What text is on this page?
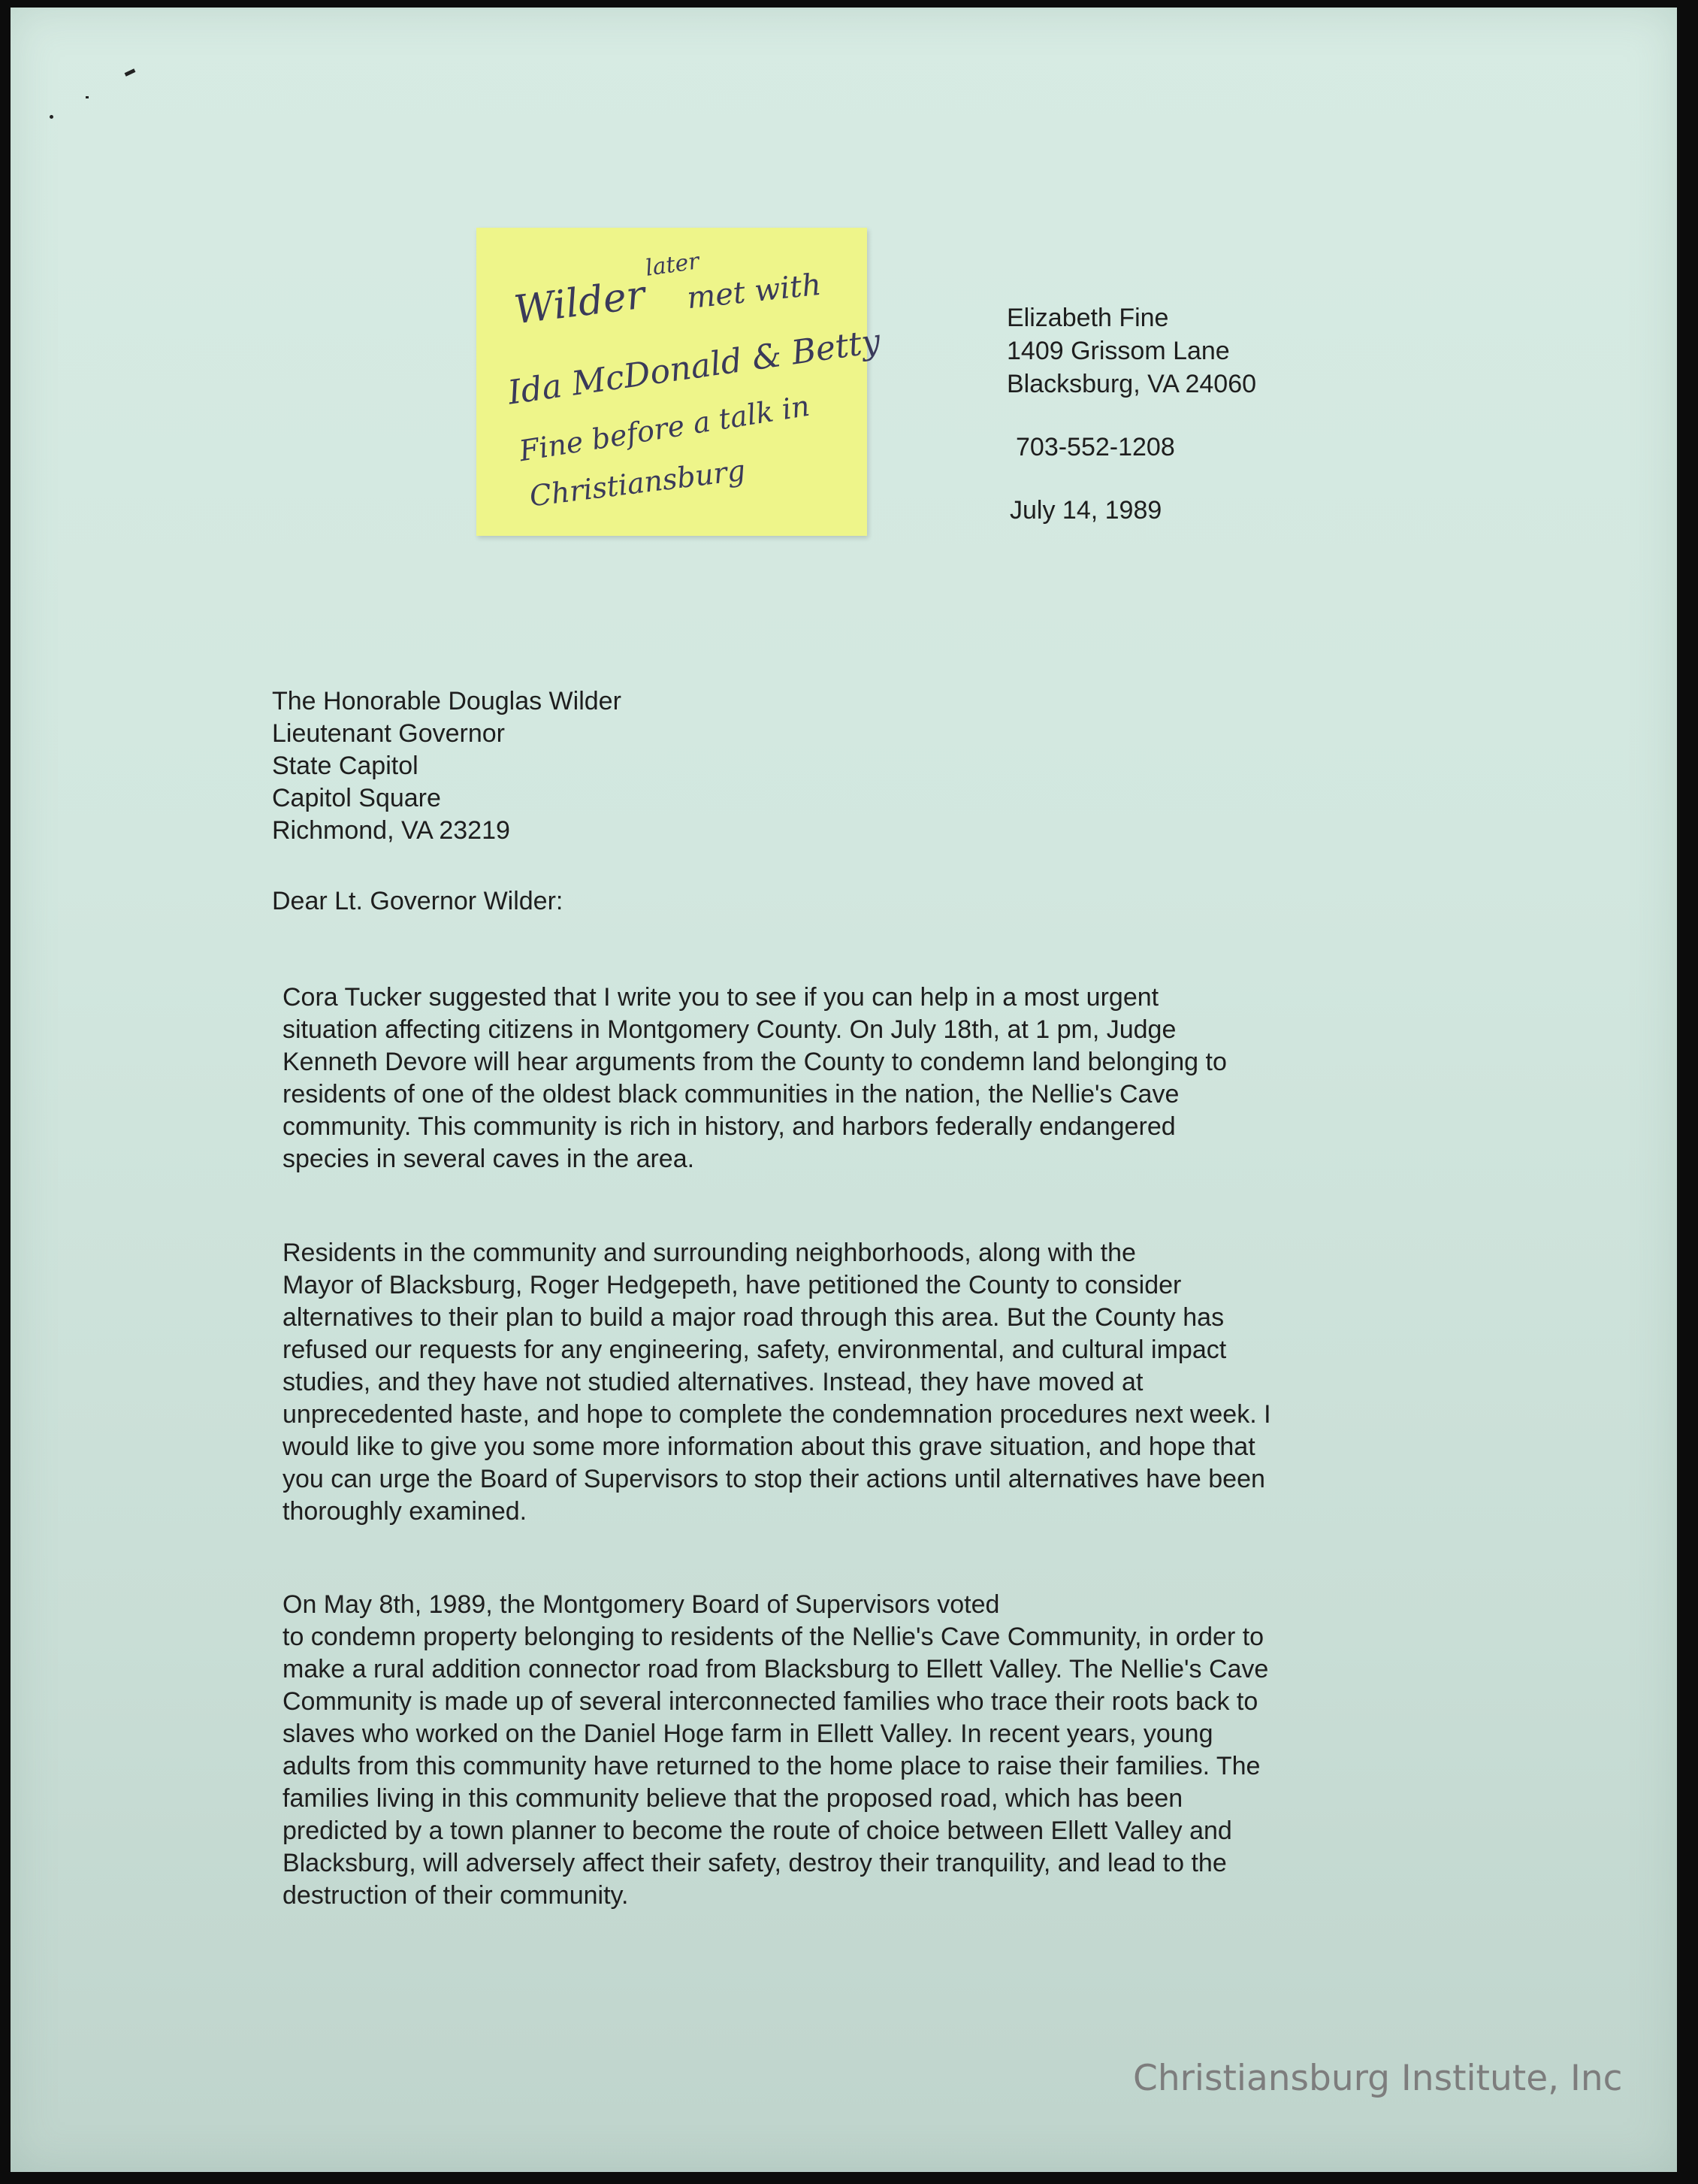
Wilder
later
met with
Ida McDonald & Betty
Fine before a talk in
Christiansburg
Elizabeth Fine
1409 Grissom Lane
Blacksburg, VA 24060
703-552-1208
July 14, 1989
The Honorable Douglas Wilder
Lieutenant Governor
State Capitol
Capitol Square
Richmond, VA 23219
Dear Lt. Governor Wilder:
Cora Tucker suggested that I write you to see if you can help in a most urgent
situation affecting citizens in Montgomery County. On July 18th, at 1 pm, Judge
Kenneth Devore will hear arguments from the County to condemn land belonging to
residents of one of the oldest black communities in the nation, the Nellie's Cave
community. This community is rich in history, and harbors federally endangered
species in several caves in the area.
Residents in the community and surrounding neighborhoods, along with the
Mayor of Blacksburg, Roger Hedgepeth, have petitioned the County to consider
alternatives to their plan to build a major road through this area. But the County has
refused our requests for any engineering, safety, environmental, and cultural impact
studies, and they have not studied alternatives. Instead, they have moved at
unprecedented haste, and hope to complete the condemnation procedures next week. I
would like to give you some more information about this grave situation, and hope that
you can urge the Board of Supervisors to stop their actions until alternatives have been
thoroughly examined.
On May 8th, 1989, the Montgomery Board of Supervisors voted
to condemn property belonging to residents of the Nellie's Cave Community, in order to
make a rural addition connector road from Blacksburg to Ellett Valley. The Nellie's Cave
Community is made up of several interconnected families who trace their roots back to
slaves who worked on the Daniel Hoge farm in Ellett Valley. In recent years, young
adults from this community have returned to the home place to raise their families. The
families living in this community believe that the proposed road, which has been
predicted by a town planner to become the route of choice between Ellett Valley and
Blacksburg, will adversely affect their safety, destroy their tranquility, and lead to the
destruction of their community.
Christiansburg Institute, Inc
